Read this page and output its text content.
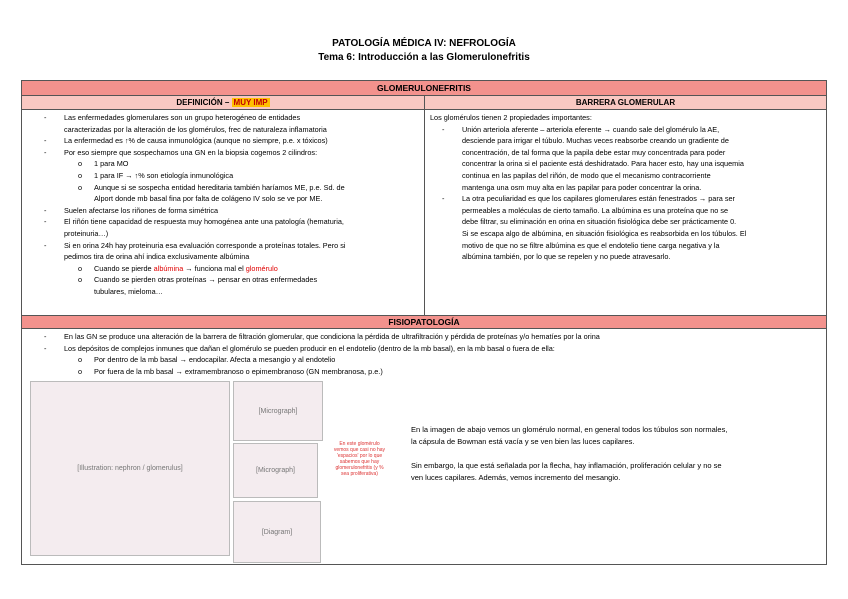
PATOLOGÍA MÉDICA IV: NEFROLOGÍA
Tema 6: Introducción a las Glomerulonefritis
GLOMERULONEFRITIS
DEFINICIÓN – MUY IMP	BARRERA GLOMERULAR
- Las enfermedades glomerulares son un grupo heterogéneo de entidades
caracterizadas por la alteración de los glomérulos, frec de naturaleza inflamatoria
- La enfermedad es ↑% de causa inmunológica (aunque no siempre, p.e. x tóxicos)
- Por eso siempre que sospechamos una GN en la biopsia cogemos 2 cilindros:
o 1 para MO
o 1 para IF → ↑% son etiología inmunológica
o Aunque si se sospecha entidad hereditaria también haríamos ME, p.e. Sd. de
Alport donde mb basal fina por falta de colágeno IV solo se ve por ME.
- Suelen afectarse los riñones de forma simétrica
- El riñón tiene capacidad de respuesta muy homogénea ante una patología (hematuria,
proteinuria…)
- Si en orina 24h hay proteinuria esa evaluación corresponde a proteínas totales. Pero si
pedimos tira de orina ahí indica exclusivamente albúmina
o Cuando se pierde albúmina → funciona mal el glomérulo
o Cuando se pierden otras proteínas → pensar en otras enfermedades
tubulares, mieloma…
Los glomérulos tienen 2 propiedades importantes:
- Unión arteriola aferente – arteriola eferente → cuando sale del glomérulo la AE,
desciende para irrigar el túbulo. Muchas veces reabsorbe creando un gradiente de
concentración, de tal forma que la papila debe estar muy concentrada para poder
concentrar la orina si el paciente está deshidratado. Para hacer esto, hay una isquemia
continua en las papilas del riñón, de modo que el mecanismo contracorriente
mantenga una osm muy alta en las papilar para poder concentrar la orina.
- La otra peculiaridad es que los capilares glomerulares están fenestrados → para ser
permeables a moléculas de cierto tamaño. La albúmina es una proteína que no se
debe filtrar, su eliminación en orina en situación fisiológica debe ser prácticamente 0.
Si se escapa algo de albúmina, en situación fisiológica es reabsorbida en los túbulos. El
motivo de que no se filtre albúmina es que el endotelio tiene carga negativa y la
albúmina también, por lo que se repelen y no puede atravesarlo.
FISIOPATOLOGÍA
- En las GN se produce una alteración de la barrera de filtración glomerular, que condiciona la pérdida de ultrafiltración y pérdida de proteínas y/o hematíes por la orina
- Los depósitos de complejos inmunes que dañan el glomérulo se pueden producir en el endotelio (dentro de la mb basal), en la mb basal o fuera de ella:
o Por dentro de la mb basal → endocapilar. Afecta a mesangio y al endotelio
o Por fuera de la mb basal → extramembranoso o epimembranoso (GN membranosa, p.e.)
[Illustration: nephron / glomerulus]
[Micrograph]
[Micrograph]
En este glomérulo vemos que casi no hay 'espacios' por lo que sabemos que hay glomerulonefritis (y % sea proliferativa)
[Diagram]
En la imagen de abajo vemos un glomérulo normal, en general todos los túbulos son normales,
la cápsula de Bowman está vacía y se ven bien las luces capilares.
Sin embargo, la que está señalada por la flecha, hay inflamación, proliferación celular y no se
ven luces capilares. Además, vemos incremento del mesangio.
